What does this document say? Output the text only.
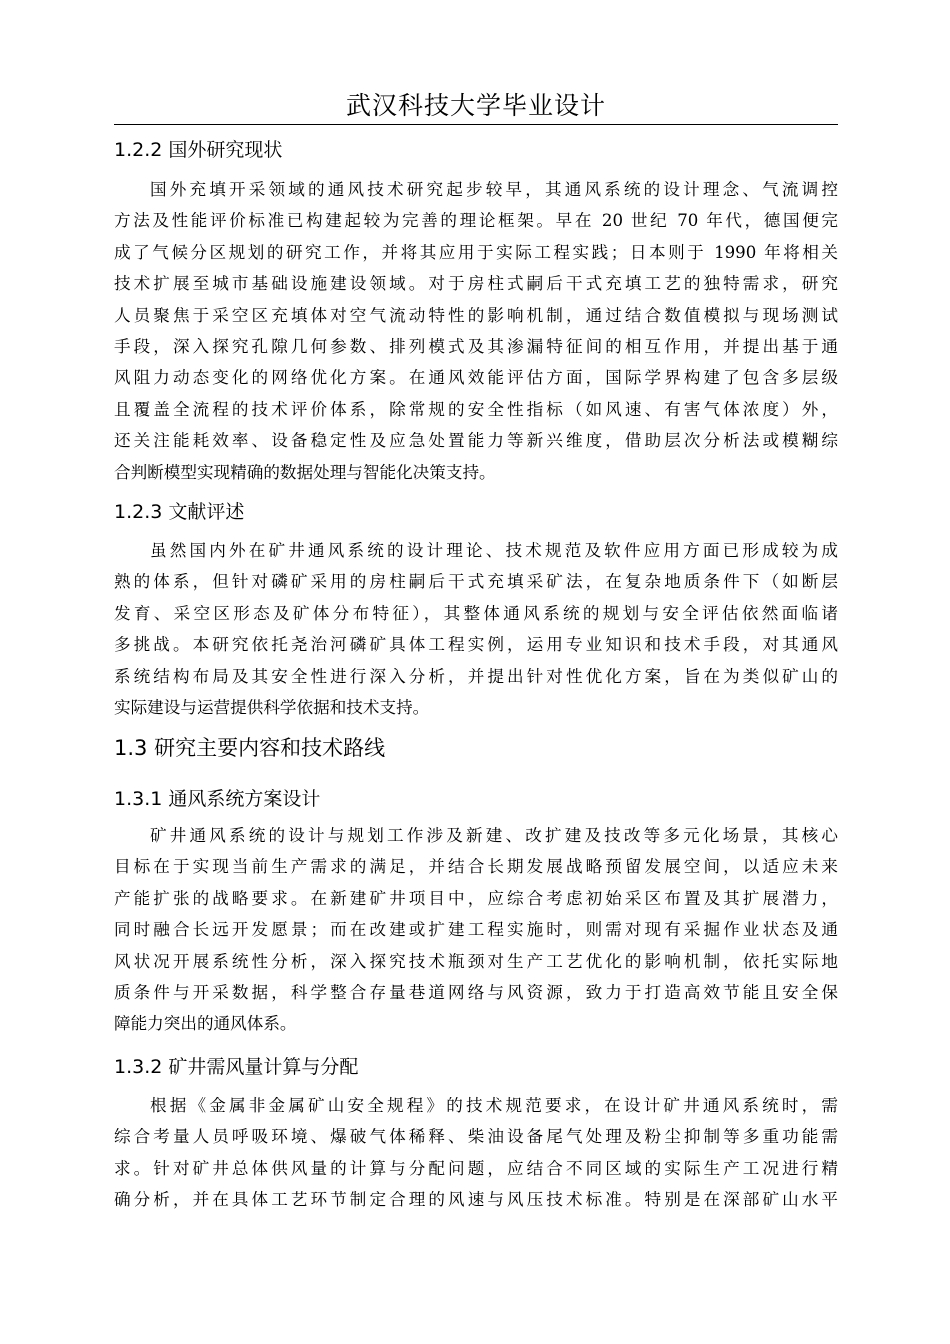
武汉科技大学毕业设计
1.2.2 国外研究现状
国外充填开采领域的通风技术研究起步较早，其通风系统的设计理念、气流调控
方法及性能评价标准已构建起较为完善的理论框架。早在 20 世纪 70 年代，德国便完
成了气候分区规划的研究工作，并将其应用于实际工程实践；日本则于 1990 年将相关
技术扩展至城市基础设施建设领域。对于房柱式嗣后干式充填工艺的独特需求，研究
人员聚焦于采空区充填体对空气流动特性的影响机制，通过结合数值模拟与现场测试
手段，深入探究孔隙几何参数、排列模式及其渗漏特征间的相互作用，并提出基于通
风阻力动态变化的网络优化方案。在通风效能评估方面，国际学界构建了包含多层级
且覆盖全流程的技术评价体系，除常规的安全性指标（如风速、有害气体浓度）外，
还关注能耗效率、设备稳定性及应急处置能力等新兴维度，借助层次分析法或模糊综
合判断模型实现精确的数据处理与智能化决策支持。
1.2.3 文献评述
虽然国内外在矿井通风系统的设计理论、技术规范及软件应用方面已形成较为成
熟的体系，但针对磷矿采用的房柱嗣后干式充填采矿法，在复杂地质条件下（如断层
发育、采空区形态及矿体分布特征），其整体通风系统的规划与安全评估依然面临诸
多挑战。本研究依托尧治河磷矿具体工程实例，运用专业知识和技术手段，对其通风
系统结构布局及其安全性进行深入分析，并提出针对性优化方案，旨在为类似矿山的
实际建设与运营提供科学依据和技术支持。
1.3 研究主要内容和技术路线
1.3.1 通风系统方案设计
矿井通风系统的设计与规划工作涉及新建、改扩建及技改等多元化场景，其核心
目标在于实现当前生产需求的满足，并结合长期发展战略预留发展空间，以适应未来
产能扩张的战略要求。在新建矿井项目中，应综合考虑初始采区布置及其扩展潜力，
同时融合长远开发愿景；而在改建或扩建工程实施时，则需对现有采掘作业状态及通
风状况开展系统性分析，深入探究技术瓶颈对生产工艺优化的影响机制，依托实际地
质条件与开采数据，科学整合存量巷道网络与风资源，致力于打造高效节能且安全保
障能力突出的通风体系。
1.3.2 矿井需风量计算与分配
根据《金属非金属矿山安全规程》的技术规范要求，在设计矿井通风系统时，需
综合考量人员呼吸环境、爆破气体稀释、柴油设备尾气处理及粉尘抑制等多重功能需
求。针对矿井总体供风量的计算与分配问题，应结合不同区域的实际生产工况进行精
确分析，并在具体工艺环节制定合理的风速与风压技术标准。特别是在深部矿山水平
